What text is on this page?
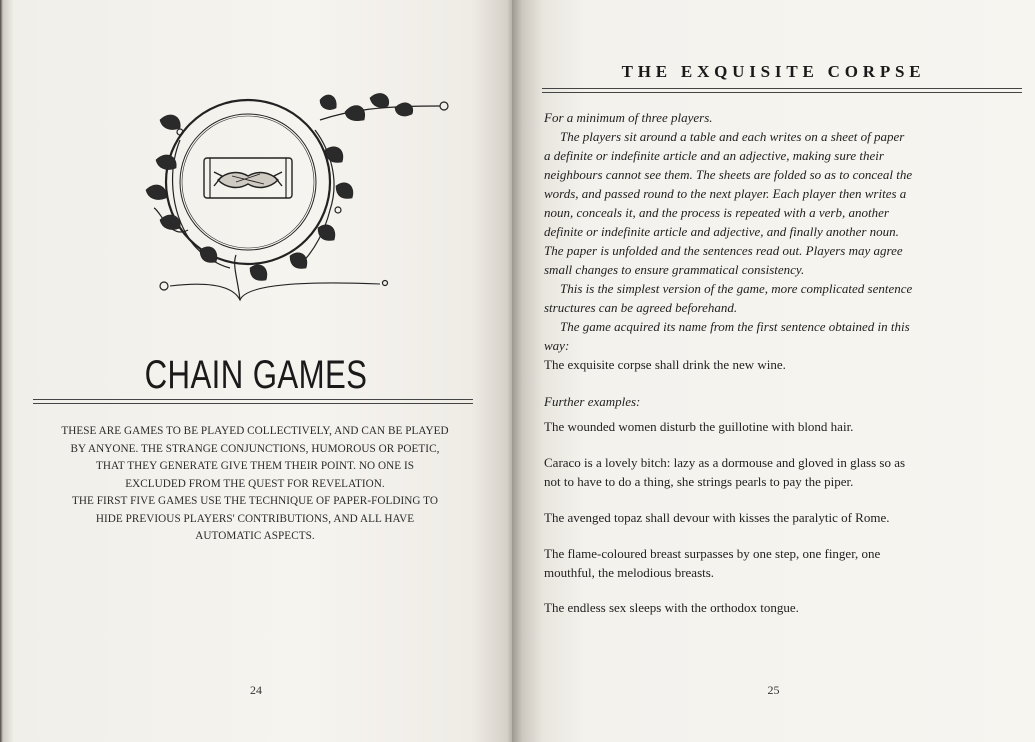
CHAIN GAMES

THESE ARE GAMES TO BE PLAYED COLLECTIVELY, AND CAN BE PLAYED
BY ANYONE. THE STRANGE CONJUNCTIONS, HUMOROUS OR POETIC,
THAT THEY GENERATE GIVE THEM THEIR POINT. NO ONE IS
EXCLUDED FROM THE QUEST FOR REVELATION.
THE FIRST FIVE GAMES USE THE TECHNIQUE OF PAPER-FOLDING TO
HIDE PREVIOUS PLAYERS' CONTRIBUTIONS, AND ALL HAVE
AUTOMATIC ASPECTS.

24
THE EXQUISITE CORPSE

For a minimum of three players.
The players sit around a table and each writes on a sheet of paper
a definite or indefinite article and an adjective, making sure their
neighbours cannot see them. The sheets are folded so as to conceal the
words, and passed round to the next player. Each player then writes a
noun, conceals it, and the process is repeated with a verb, another
definite or indefinite article and adjective, and finally another noun.
The paper is unfolded and the sentences read out. Players may agree
small changes to ensure grammatical consistency.
This is the simplest version of the game, more complicated sentence
structures can be agreed beforehand.
The game acquired its name from the first sentence obtained in this
way:

The exquisite corpse shall drink the new wine.

Further examples:

The wounded women disturb the guillotine with blond hair.
Caraco is a lovely bitch: lazy as a dormouse and gloved in glass so as
not to have to do a thing, she strings pearls to pay the piper.
The avenged topaz shall devour with kisses the paralytic of Rome.
The flame-coloured breast surpasses by one step, one finger, one
mouthful, the melodious breasts.
The endless sex sleeps with the orthodox tongue.
25
